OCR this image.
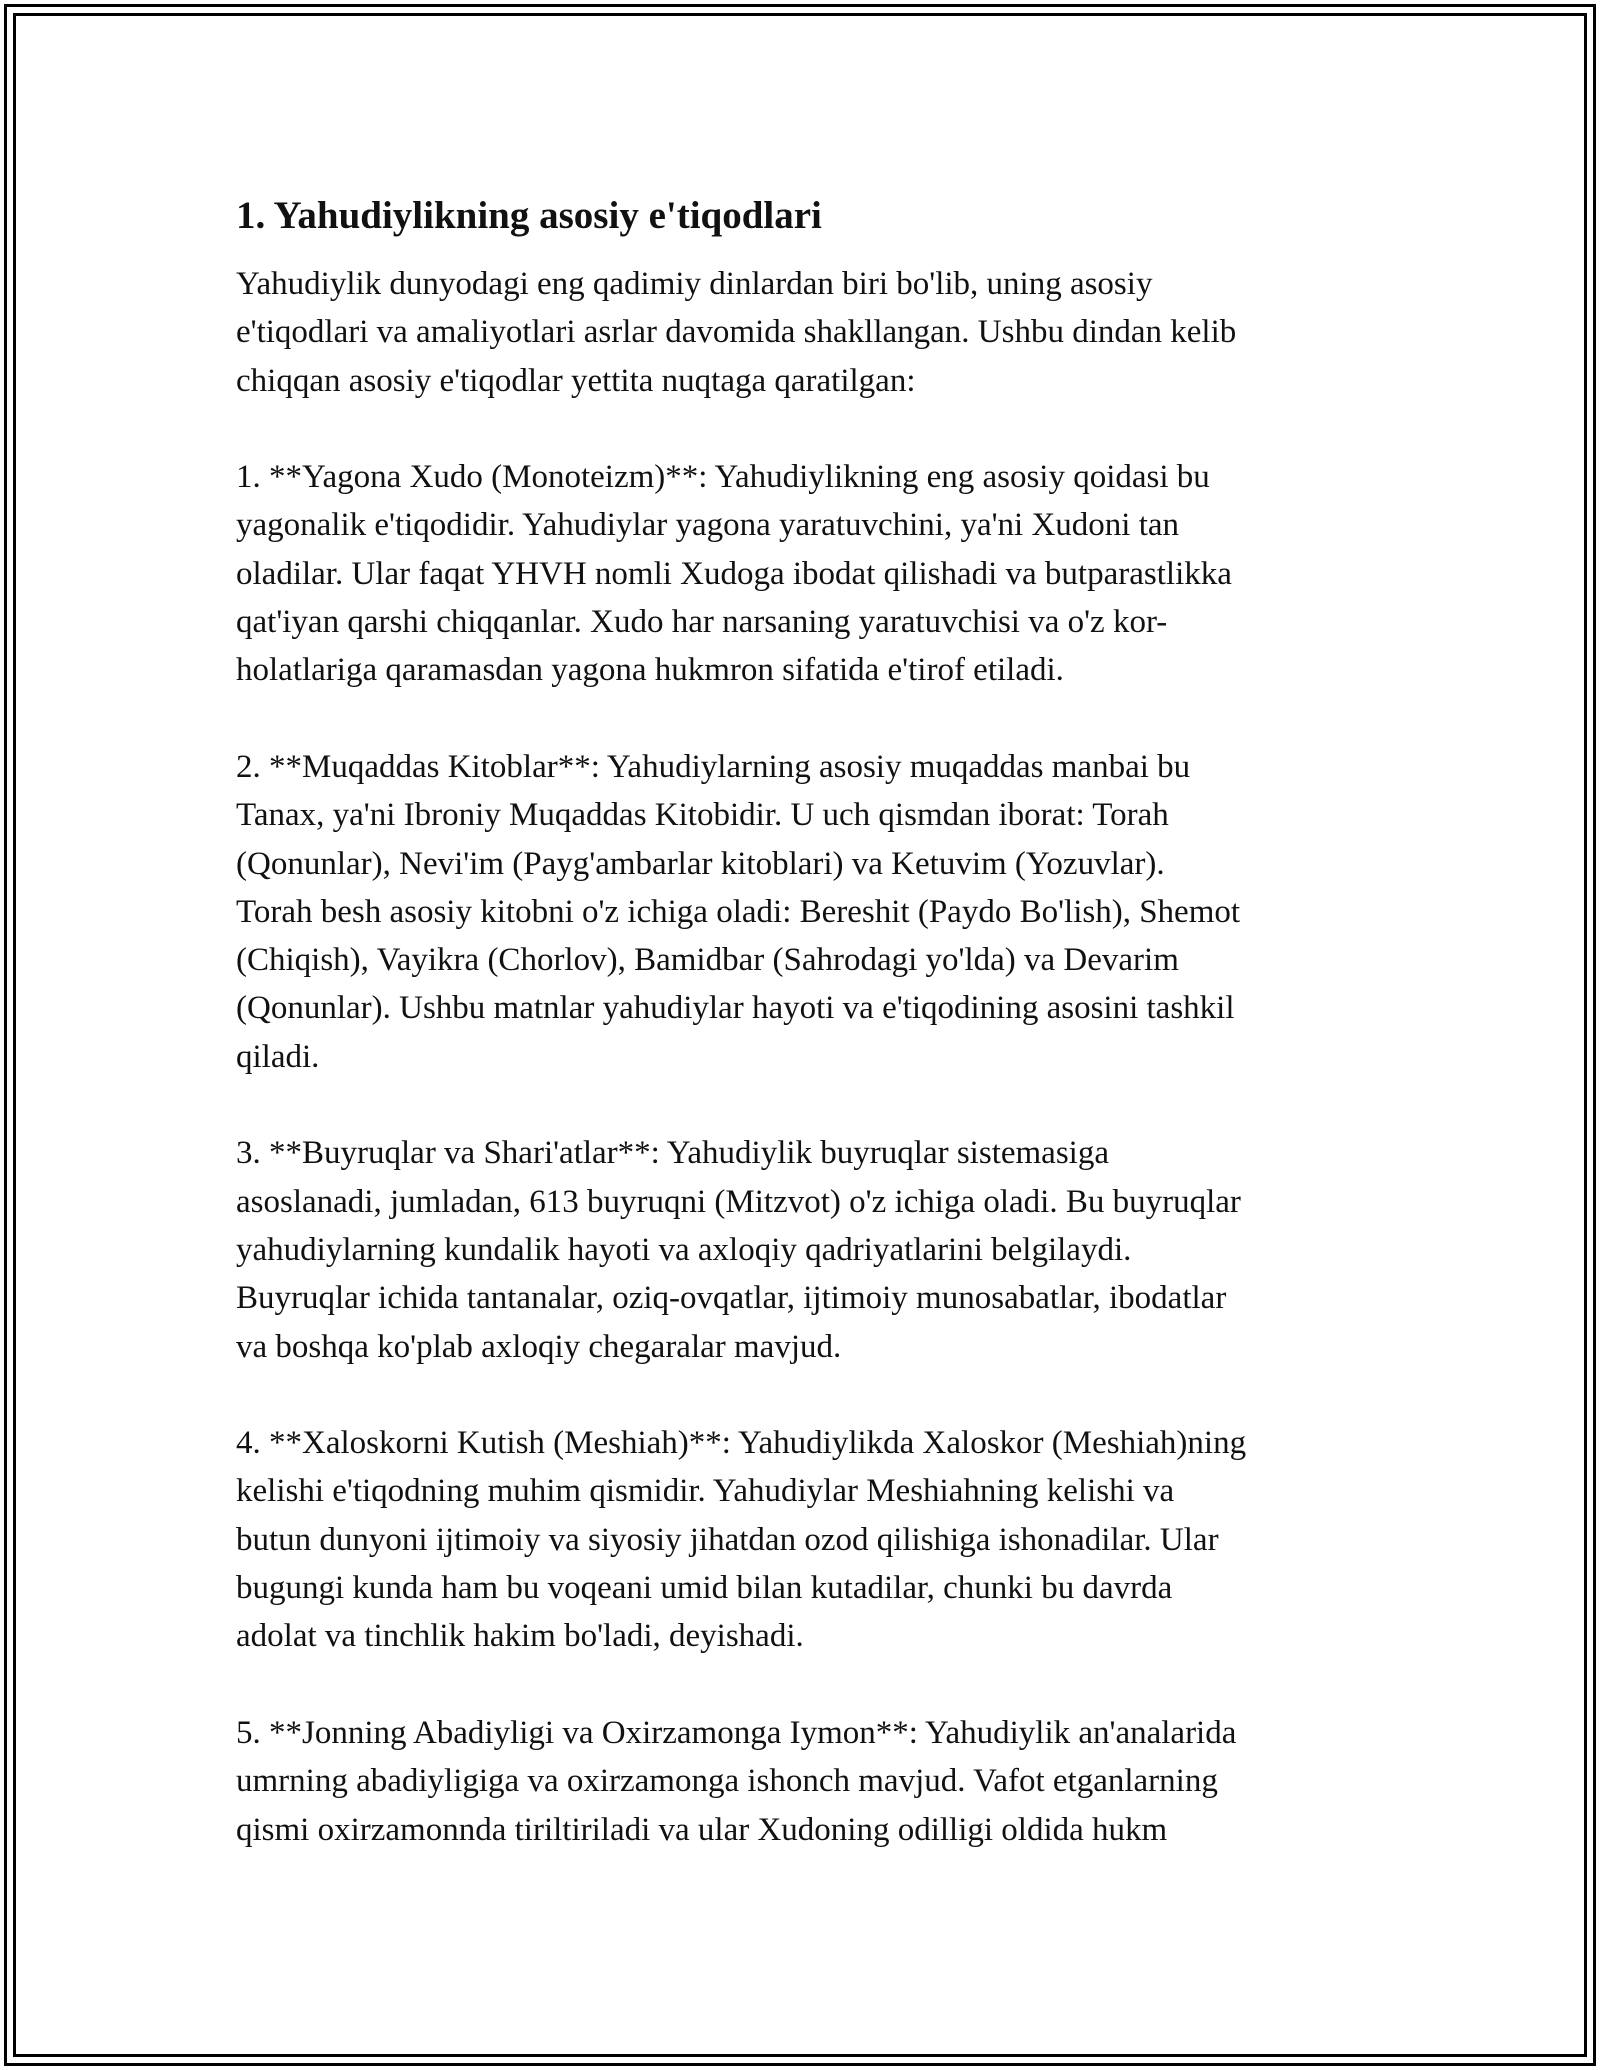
1. Yahudiylikning asosiy e'tiqodlari
Yahudiylik dunyodagi eng qadimiy dinlardan biri bo'lib, uning asosiy
e'tiqodlari va amaliyotlari asrlar davomida shakllangan. Ushbu dindan kelib
chiqqan asosiy e'tiqodlar yettita nuqtaga qaratilgan:
1. **Yagona Xudo (Monoteizm)**: Yahudiylikning eng asosiy qoidasi bu
yagonalik e'tiqodidir. Yahudiylar yagona yaratuvchini, ya'ni Xudoni tan
oladilar. Ular faqat YHVH nomli Xudoga ibodat qilishadi va butparastlikka
qat'iyan qarshi chiqqanlar. Xudo har narsaning yaratuvchisi va o'z kor-
holatlariga qaramasdan yagona hukmron sifatida e'tirof etiladi.
2. **Muqaddas Kitoblar**: Yahudiylarning asosiy muqaddas manbai bu
Tanax, ya'ni Ibroniy Muqaddas Kitobidir. U uch qismdan iborat: Torah
(Qonunlar), Nevi'im (Payg'ambarlar kitoblari) va Ketuvim (Yozuvlar).
Torah besh asosiy kitobni o'z ichiga oladi: Bereshit (Paydo Bo'lish), Shemot
(Chiqish), Vayikra (Chorlov), Bamidbar (Sahrodagi yo'lda) va Devarim
(Qonunlar). Ushbu matnlar yahudiylar hayoti va e'tiqodining asosini tashkil
qiladi.
3. **Buyruqlar va Shari'atlar**: Yahudiylik buyruqlar sistemasiga
asoslanadi, jumladan, 613 buyruqni (Mitzvot) o'z ichiga oladi. Bu buyruqlar
yahudiylarning kundalik hayoti va axloqiy qadriyatlarini belgilaydi.
Buyruqlar ichida tantanalar, oziq-ovqatlar, ijtimoiy munosabatlar, ibodatlar
va boshqa ko'plab axloqiy chegaralar mavjud.
4. **Xaloskorni Kutish (Meshiah)**: Yahudiylikda Xaloskor (Meshiah)ning
kelishi e'tiqodning muhim qismidir. Yahudiylar Meshiahning kelishi va
butun dunyoni ijtimoiy va siyosiy jihatdan ozod qilishiga ishonadilar. Ular
bugungi kunda ham bu voqeani umid bilan kutadilar, chunki bu davrda
adolat va tinchlik hakim bo'ladi, deyishadi.
5. **Jonning Abadiyligi va Oxirzamonga Iymon**: Yahudiylik an'analarida
umrning abadiyligiga va oxirzamonga ishonch mavjud. Vafot etganlarning
qismi oxirzamonnda tiriltiriladi va ular Xudoning odilligi oldida hukm
